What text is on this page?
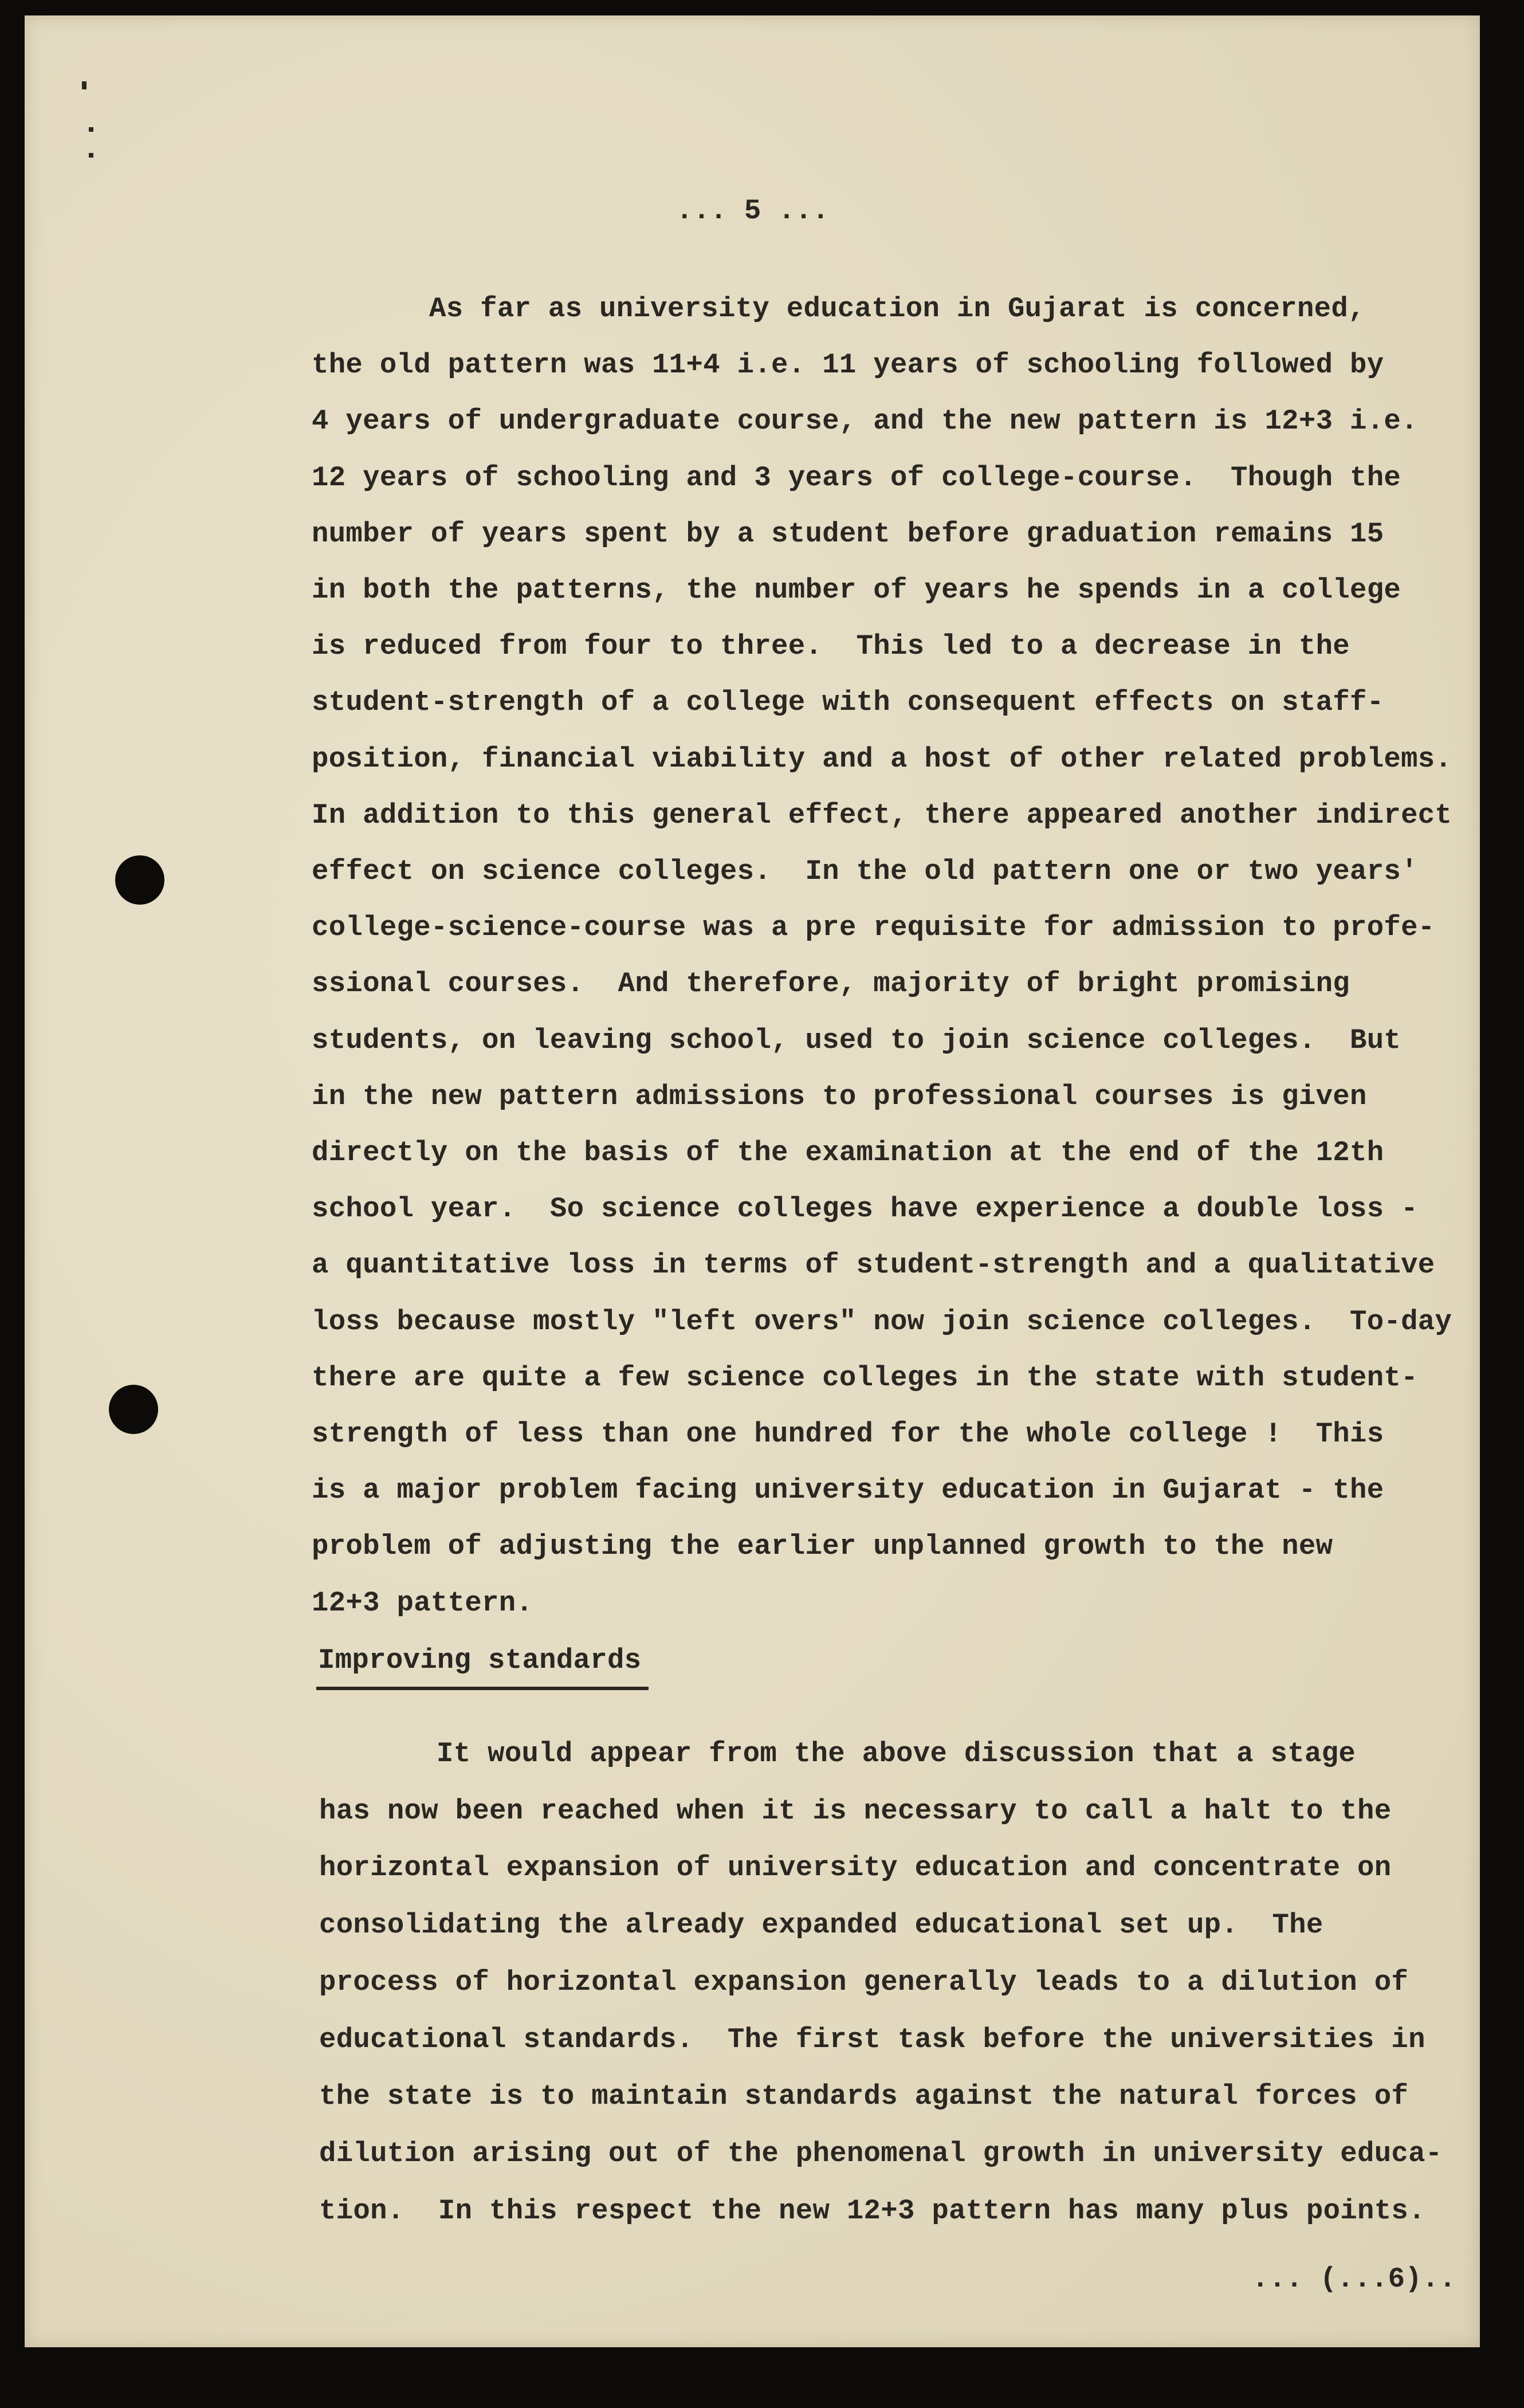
... 5 ...
As far as university education in Gujarat is concerned,
the old pattern was 11+4 i.e. 11 years of schooling followed by
4 years of undergraduate course, and the new pattern is 12+3 i.e.
12 years of schooling and 3 years of college-course.  Though the
number of years spent by a student before graduation remains 15
in both the patterns, the number of years he spends in a college
is reduced from four to three.  This led to a decrease in the
student-strength of a college with consequent effects on staff-
position, financial viability and a host of other related problems.
In addition to this general effect, there appeared another indirect
effect on science colleges.  In the old pattern one or two years'
college-science-course was a pre requisite for admission to profe-
ssional courses.  And therefore, majority of bright promising
students, on leaving school, used to join science colleges.  But
in the new pattern admissions to professional courses is given
directly on the basis of the examination at the end of the 12th
school year.  So science colleges have experience a double loss -
a quantitative loss in terms of student-strength and a qualitative
loss because mostly "left overs" now join science colleges.  To-day
there are quite a few science colleges in the state with student-
strength of less than one hundred for the whole college !  This
is a major problem facing university education in Gujarat - the
problem of adjusting the earlier unplanned growth to the new
12+3 pattern.
Improving standards
It would appear from the above discussion that a stage
has now been reached when it is necessary to call a halt to the
horizontal expansion of university education and concentrate on
consolidating the already expanded educational set up.  The
process of horizontal expansion generally leads to a dilution of
educational standards.  The first task before the universities in
the state is to maintain standards against the natural forces of
dilution arising out of the phenomenal growth in university educa-
tion.  In this respect the new 12+3 pattern has many plus points.
... (...6)..
